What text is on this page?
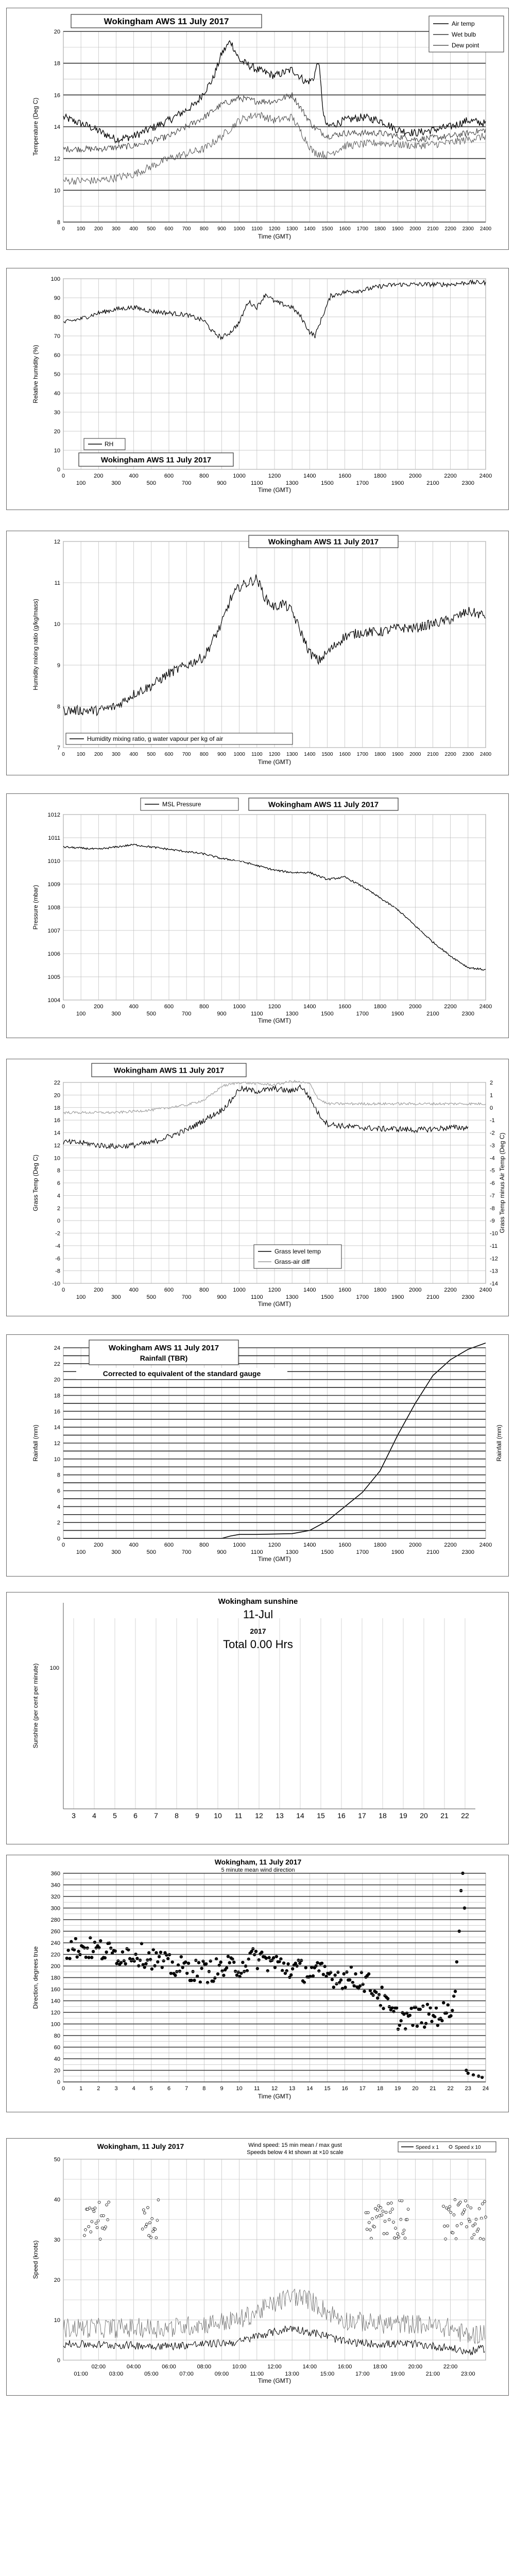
8
10
12
14
16
18
20
0 100 200 300 400 500 600 700 800 900 1000 1100 1200 1300 1400 1500 1600 1700 1800 1900 2000 2100 2200 2300 2400
Time (GMT)
Temperature (Deg C)
Wokingham AWS 11 July 2017	Air temp
Wet bulb
Dew point
0
10
20
30
40
50
60
70
80
90
100
0	200	400	600	800	1000	1200	1400	1600	1800	2000	2200	2400
100	300	500	700	900	1100	1300	1500	1700	1900	2100	2300
Time (GMT)
Relative humidity (%)
RH
Wokingham AWS 11 July 2017
7
8
9
10
11
12
0 100 200 300 400 500 600 700 800 900 1000 1100 1200 1300 1400 1500 1600 1700 1800 1900 2000 2100 2200 2300 2400
Time (GMT)
Humidity mixing ratio (g/kg/mass)
Wokingham AWS 11 July 2017
Humidity mixing ratio, g water vapour per kg of air
1004
1005
1006
1007
1008
1009
1010
1011
1012
0	200	400	600	800	1000	1200	1400	1600	1800	2000	2200	2400
100	300	500	700	900	1100	1300	1500	1700	1900	2100	2300
Time (GMT)
Pressure (mbar)
Wokingham AWS 11 July 2017
MSL Pressure
22
20
18
16
14
12
10
8
6
4
2
0
-2
-4
-6
-8
-10
2
1
0
-1
-2
-3
-4
-5
-6
-7
-8
-9
-10
-11
-12
-13
-14
0	200	400	600	800	1000	1200	1400	1600	1800	2000	2200	2400
100	300	500	700	900	1100	1300	1500	1700	1900	2100	2300
Time (GMT)
Grass Temp (Deg C)	Grass Temp minus Air Temp (Deg C)
Wokingham AWS 11 July 2017
Grass level temp
Grass-air diff
0
2
4
6
8
10
12
14
16
18
20
22
24
0	200	400	600	800	1000	1200	1400	1600	1800	2000	2200	2400
100	300	500	700	900	1100	1300	1500	1700	1900	2100	2300
Time (GMT)
Rainfall (mm)	Rainfall (mm)
Wokingham AWS 11 July 2017
Rainfall (TBR)
Corrected to equivalent of the standard gauge
3 4 5 6 7 8 9 10 11 12 13 14 15 16 17 18 19 20 21 22
100
Sunshine (per cent per minute)
Wokingham sunshine
11-Jul
2017
Total 0.00 Hrs
0
20
40
60
80
100
120
140
160
180
200
220
240
260
280
300
320
340
360
0	1	2	3	4	5	6	7	8	9 10 11 12 13 14 15 16 17 18 19 20 21 22 23 24
Time (GMT)
Direction, degrees true
Wokingham, 11 July 2017
5 minute mean wind direction
0
10
20
30
40
50
02:00	04:00	06:00	08:00	10:00	12:00	14:00	16:00	18:00	20:00	22:00
01:00	03:00	05:00	07:00	09:00	11:00	13:00	15:00	17:00	19:00	21:00	23:00
Time (GMT)
Speed (knots)
Wokingham, 11 July 2017	Wind speed: 15 min mean / max gust
Speeds below 4 kt shown at ×10 scale
Speed x 1	Speed x 10
